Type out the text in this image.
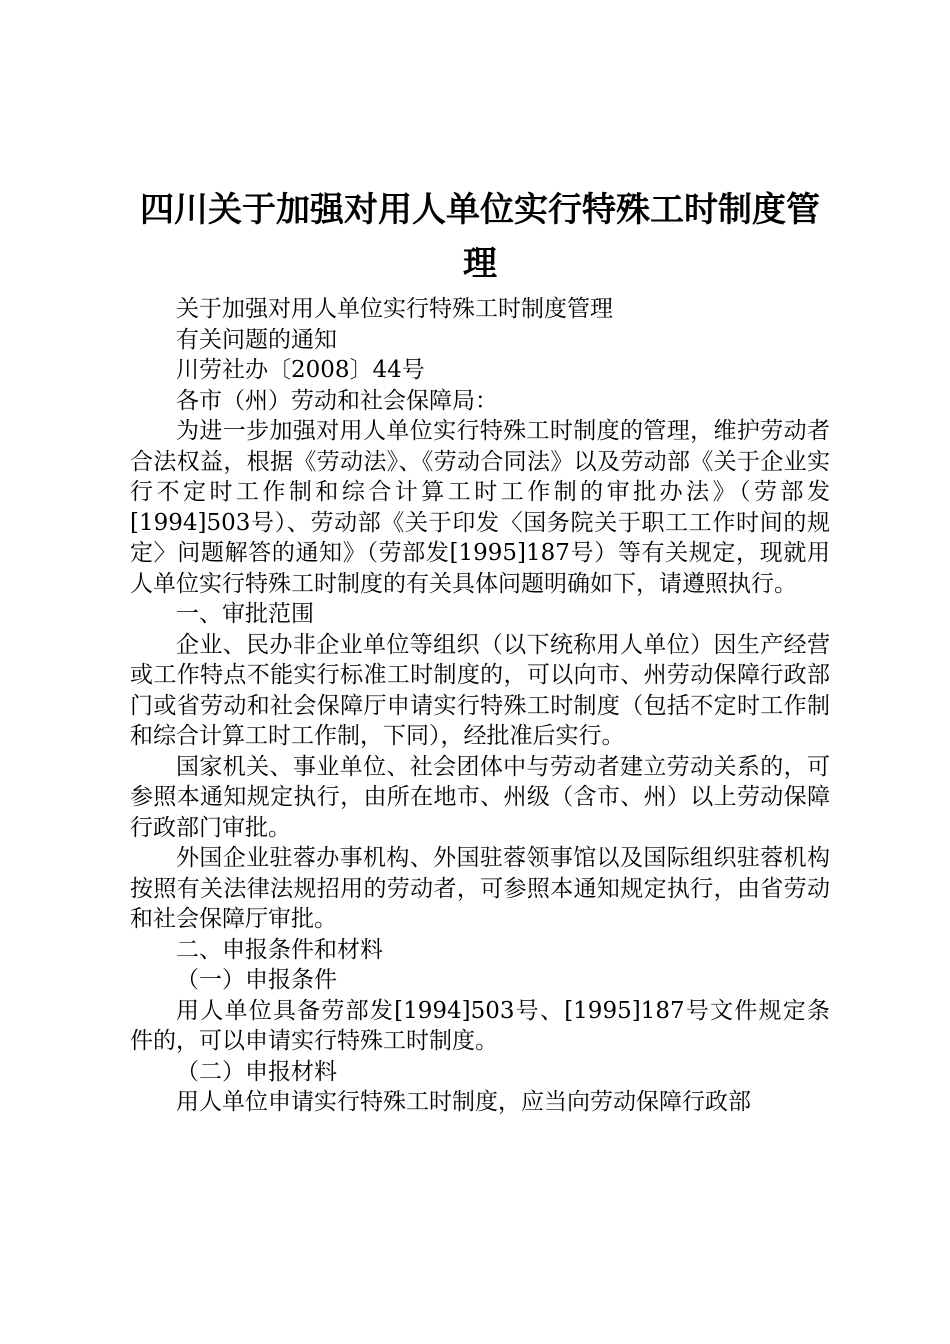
四川关于加强对用人单位实行特殊工时制度管理

关于加强对用人单位实行特殊工时制度管理

有关问题的通知

川劳社办〔2008〕44号

各市（州）劳动和社会保障局：

为进一步加强对用人单位实行特殊工时制度的管理，维护劳动者合法权益，根据《劳动法》、《劳动合同法》以及劳动部《关于企业实行不定时工作制和综合计算工时工作制的审批办法》（劳部发[1994]503号）、劳动部《关于印发〈国务院关于职工工作时间的规定〉问题解答的通知》（劳部发[1995]187号）等有关规定，现就用人单位实行特殊工时制度的有关具体问题明确如下，请遵照执行。

一、审批范围

企业、民办非企业单位等组织（以下统称用人单位）因生产经营或工作特点不能实行标准工时制度的，可以向市、州劳动保障行政部门或省劳动和社会保障厅申请实行特殊工时制度（包括不定时工作制和综合计算工时工作制，下同），经批准后实行。

国家机关、事业单位、社会团体中与劳动者建立劳动关系的，可参照本通知规定执行，由所在地市、州级（含市、州）以上劳动保障行政部门审批。

外国企业驻蓉办事机构、外国驻蓉领事馆以及国际组织驻蓉机构按照有关法律法规招用的劳动者，可参照本通知规定执行，由省劳动和社会保障厅审批。

二、申报条件和材料

（一）申报条件

用人单位具备劳部发[1994]503号、[1995]187号文件规定条件的，可以申请实行特殊工时制度。

（二）申报材料

用人单位申请实行特殊工时制度，应当向劳动保障行政部
